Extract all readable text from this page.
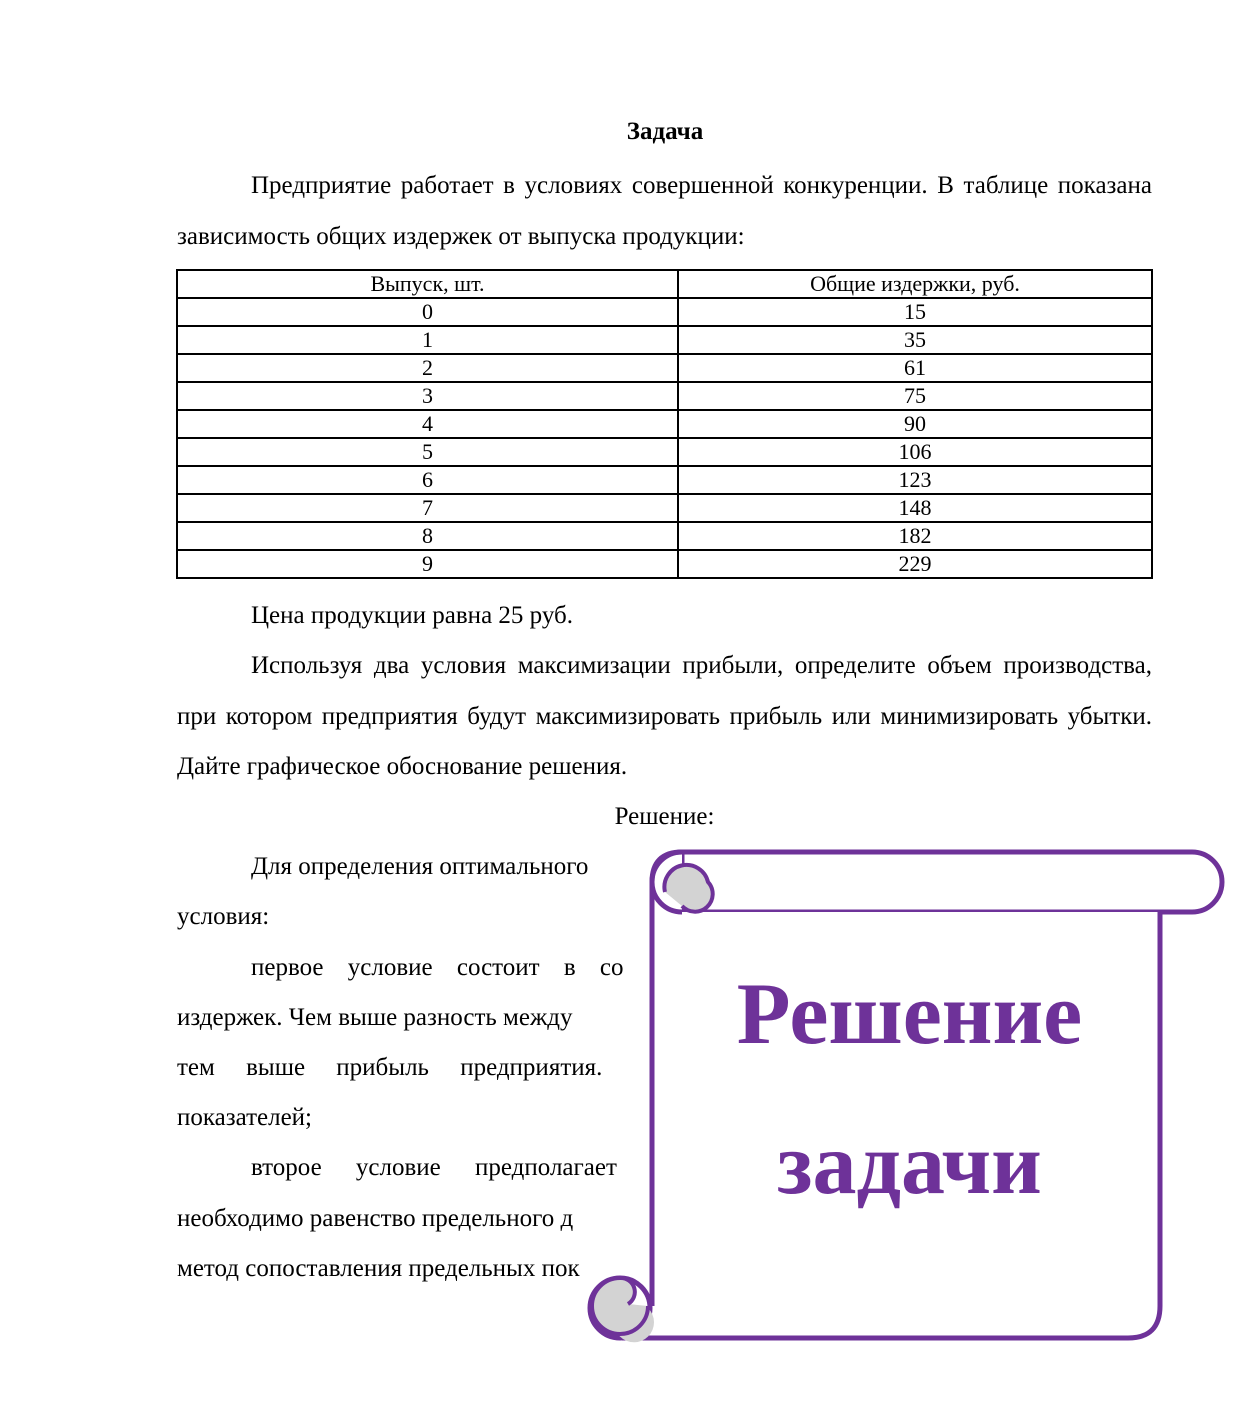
Задача

Предприятие работает в условиях совершенной конкуренции. В таблице показана зависимость общих издержек от выпуска продукции:

Выпуск, шт.	Общие издержки, руб.
0	15
1	35
2	61
3	75
4	90
5	106
6	123
7	148
8	182
9	229

Цена продукции равна 25 руб.

Используя два условия максимизации прибыли, определите объем производства, при котором предприятия будут максимизировать прибыль или минимизировать убытки. Дайте графическое обоснование решения.

Решение:

Для определения оптимального

условия:

первое условие состоит в со

издержек. Чем выше разность между

тем выше прибыль предприятия.

показателей;

второе условие предполагает

необходимо равенство предельного д

метод сопоставления предельных пок

Решение
задачи
